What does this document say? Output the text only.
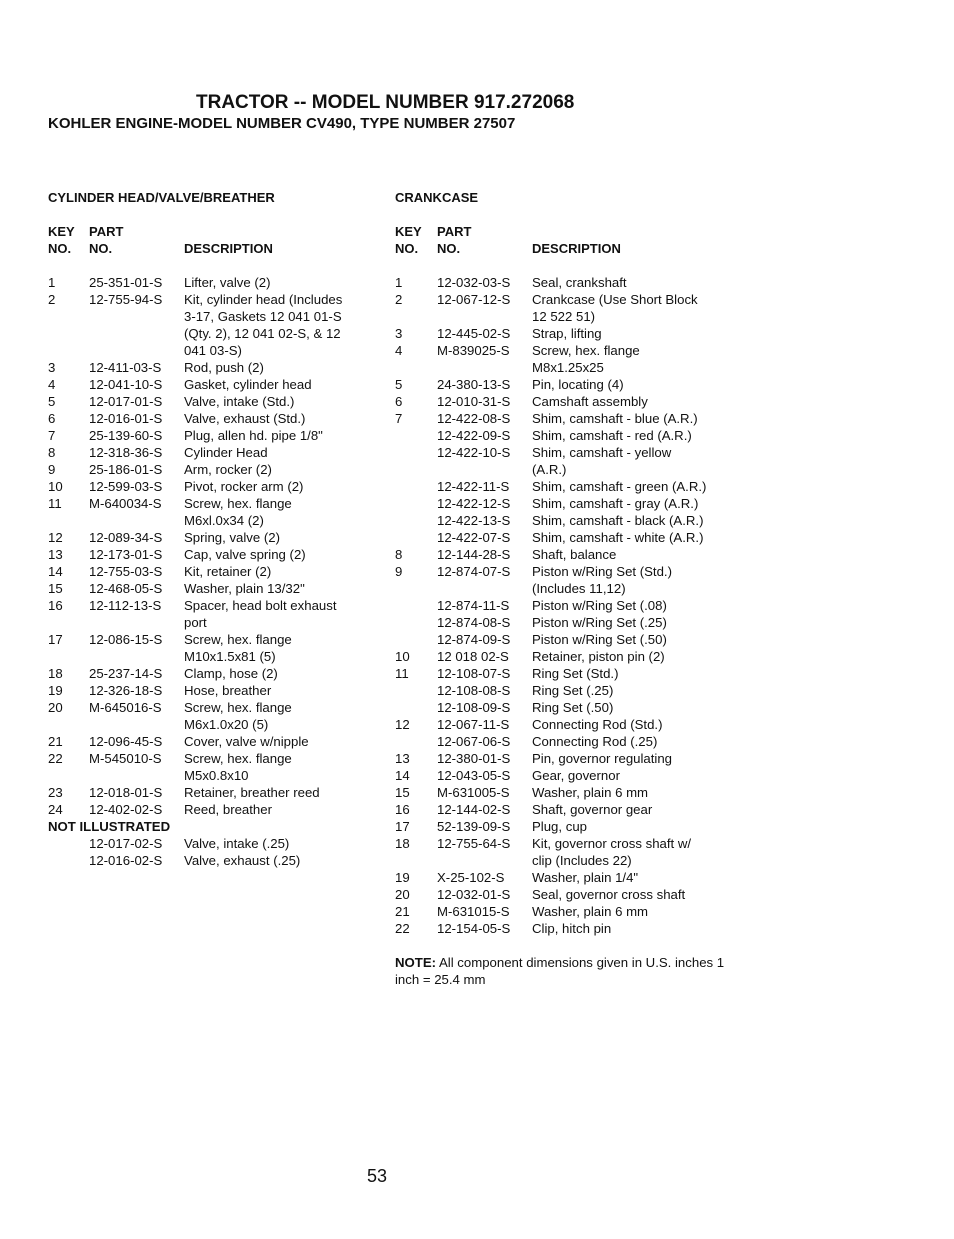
TRACTOR -- MODEL NUMBER 917.272068
KOHLER ENGINE-MODEL NUMBER CV490, TYPE NUMBER 27507
CYLINDER HEAD/VALVE/BREATHER
KEY
NO.
PART
NO.	DESCRIPTION
1	25-351-01-S Lifter, valve (2)
2	12-755-94-S Kit, cylinder head (Includes
3-17, Gaskets 12 041 01-S
(Qty. 2), 12 041 02-S, & 12
041 03-S)
3	12-411-03-S Rod, push (2)
4	12-041-10-S Gasket, cylinder head
5	12-017-01-S Valve, intake (Std.)
6	12-016-01-S Valve, exhaust (Std.)
7	25-139-60-S Plug, allen hd. pipe 1/8"
8	12-318-36-S Cylinder Head
9	25-186-01-S Arm, rocker (2)
10 12-599-03-S Pivot, rocker arm (2)
11 M-640034-S Screw, hex. flange
M6xl.0x34 (2)
12 12-089-34-S Spring, valve (2)
13 12-173-01-S Cap, valve spring (2)
14 12-755-03-S Kit, retainer (2)
15 12-468-05-S Washer, plain 13/32"
16 12-112-13-S Spacer, head bolt exhaust
port
17 12-086-15-S Screw, hex. flange
M10x1.5x81 (5)
18 25-237-14-S Clamp, hose (2)
19 12-326-18-S Hose, breather
20 M-645016-S Screw, hex. flange
M6x1.0x20 (5)
21 12-096-45-S Cover, valve w/nipple
22 M-545010-S Screw, hex. flange
M5x0.8x10
23 12-018-01-S Retainer, breather reed
24 12-402-02-S Reed, breather
NOT ILLUSTRATED
12-017-02-S Valve, intake (.25)
12-016-02-S Valve, exhaust (.25)
CRANKCASE
KEY
NO.
PART
NO.	DESCRIPTION
1	12-032-03-S Seal, crankshaft
2	12-067-12-S Crankcase (Use Short Block
12 522 51)
3	12-445-02-S Strap, lifting
4	M-839025-S Screw, hex. flange
M8x1.25x25
5	24-380-13-S Pin, locating (4)
6	12-010-31-S Camshaft assembly
7	12-422-08-S Shim, camshaft - blue (A.R.)
12-422-09-S Shim, camshaft - red (A.R.)
12-422-10-S Shim, camshaft - yellow
(A.R.)
12-422-11-S Shim, camshaft - green (A.R.)
12-422-12-S Shim, camshaft - gray (A.R.)
12-422-13-S Shim, camshaft - black (A.R.)
12-422-07-S Shim, camshaft - white (A.R.)
8	12-144-28-S Shaft, balance
9	12-874-07-S Piston w/Ring Set (Std.)
(Includes 11,12)
12-874-11-S Piston w/Ring Set (.08)
12-874-08-S Piston w/Ring Set (.25)
12-874-09-S Piston w/Ring Set (.50)
10 12 018 02-S Retainer, piston pin (2)
11 12-108-07-S Ring Set (Std.)
12-108-08-S Ring Set (.25)
12-108-09-S Ring Set (.50)
12 12-067-11-S Connecting Rod (Std.)
12-067-06-S Connecting Rod (.25)
13 12-380-01-S Pin, governor regulating
14 12-043-05-S Gear, governor
15 M-631005-S Washer, plain 6 mm
16 12-144-02-S Shaft, governor gear
17 52-139-09-S Plug, cup
18 12-755-64-S Kit, governor cross shaft w/
clip (Includes 22)
19 X-25-102-S Washer, plain 1/4"
20 12-032-01-S Seal, governor cross shaft
21 M-631015-S Washer, plain 6 mm
22 12-154-05-S Clip, hitch pin
NOTE: All component dimensions given in U.S. inches 1 inch = 25.4 mm
53
